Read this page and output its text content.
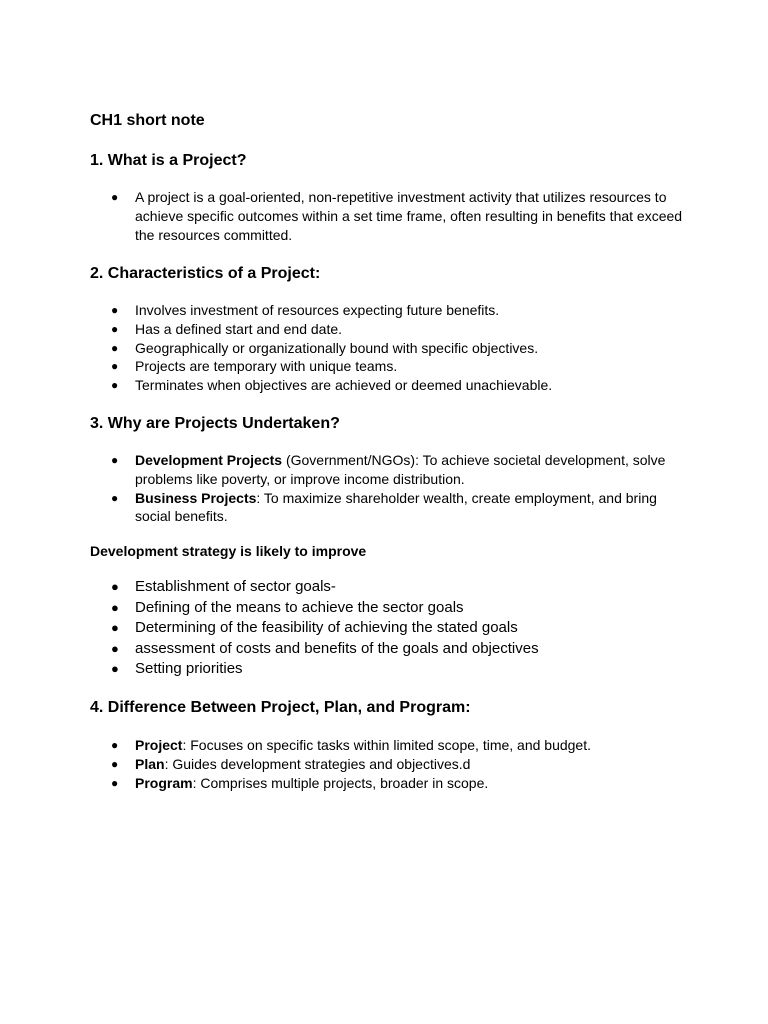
CH1 short note
1. What is a Project?
● A project is a goal-oriented, non-repetitive investment activity that utilizes resources to achieve specific outcomes within a set time frame, often resulting in benefits that exceed the resources committed.
2. Characteristics of a Project:
● Involves investment of resources expecting future benefits.
● Has a defined start and end date.
● Geographically or organizationally bound with specific objectives.
● Projects are temporary with unique teams.
● Terminates when objectives are achieved or deemed unachievable.
3. Why are Projects Undertaken?
● Development Projects (Government/NGOs): To achieve societal development, solve problems like poverty, or improve income distribution.
● Business Projects: To maximize shareholder wealth, create employment, and bring social benefits.
Development strategy is likely to improve
● Establishment of sector goals-
● Defining of the means to achieve the sector goals
● Determining of the feasibility of achieving the stated goals
● assessment of costs and benefits of the goals and objectives
● Setting priorities
4. Difference Between Project, Plan, and Program:
● Project: Focuses on specific tasks within limited scope, time, and budget.
● Plan: Guides development strategies and objectives.d
● Program: Comprises multiple projects, broader in scope.
